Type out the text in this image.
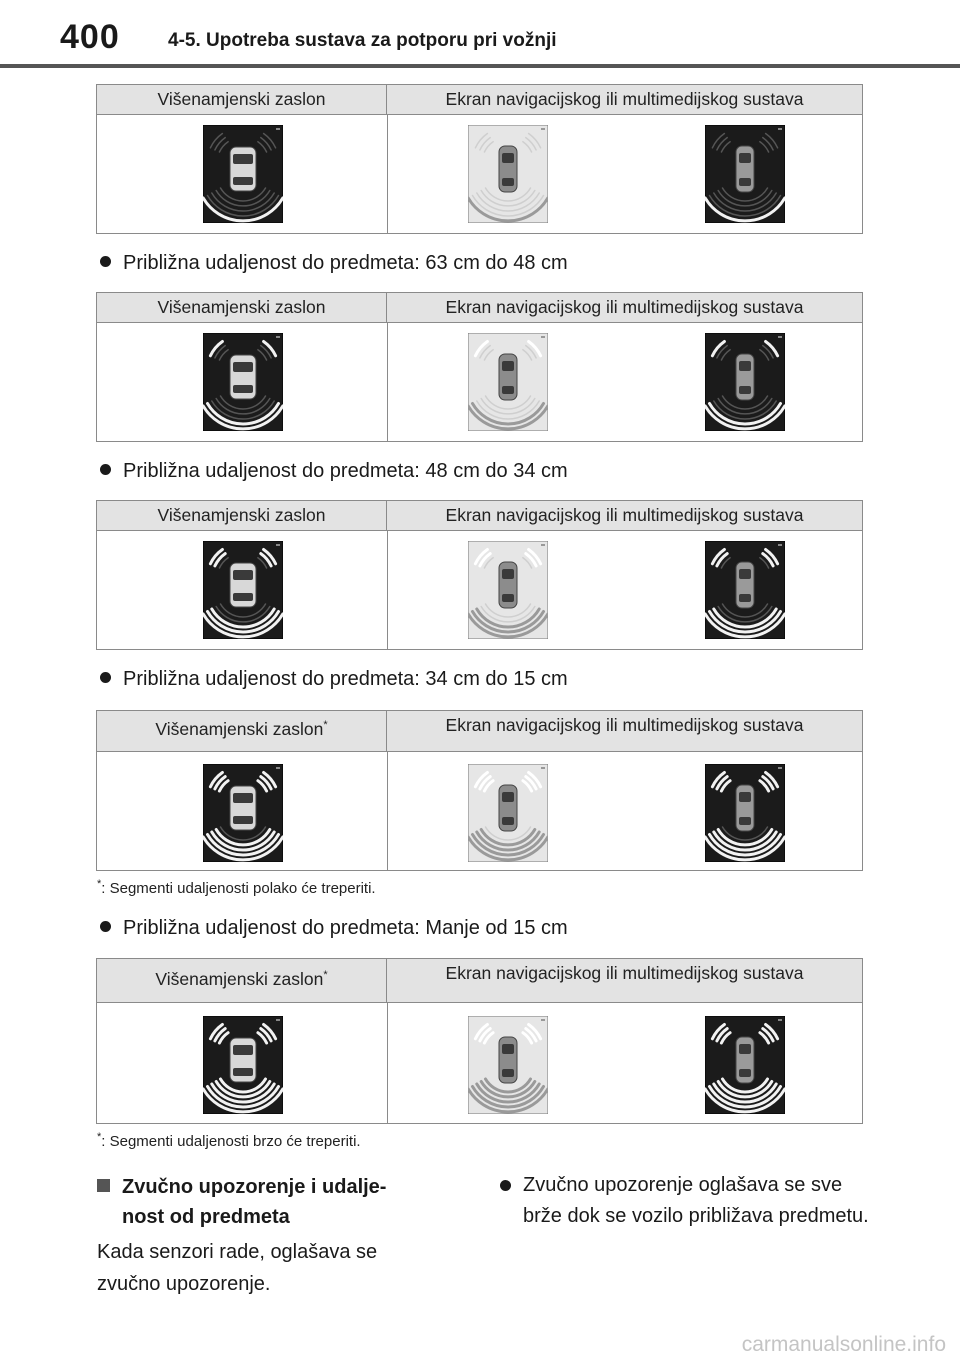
400	4-5. Upotreba sustava za potporu pri vožnji
Višenamjenski zaslon	Ekran navigacijskog ili multimedijskog sustava
Približna udaljenost do predmeta: 63 cm do 48 cm
Višenamjenski zaslon	Ekran navigacijskog ili multimedijskog sustava
Približna udaljenost do predmeta: 48 cm do 34 cm
Višenamjenski zaslon	Ekran navigacijskog ili multimedijskog sustava
Približna udaljenost do predmeta: 34 cm do 15 cm
Višenamjenski zaslon*	Ekran navigacijskog ili multimedijskog sustava
*: Segmenti udaljenosti polako će treperiti.
Približna udaljenost do predmeta: Manje od 15 cm
Višenamjenski zaslon*	Ekran navigacijskog ili multimedijskog sustava
*: Segmenti udaljenosti brzo će treperiti.
Zvučno upozorenje i udalje-
nost od predmeta
Kada senzori rade, oglašava se zvučno upozorenje.
Zvučno upozorenje oglašava se sve brže dok se vozilo približava predmetu.
carmanualsonline.info
